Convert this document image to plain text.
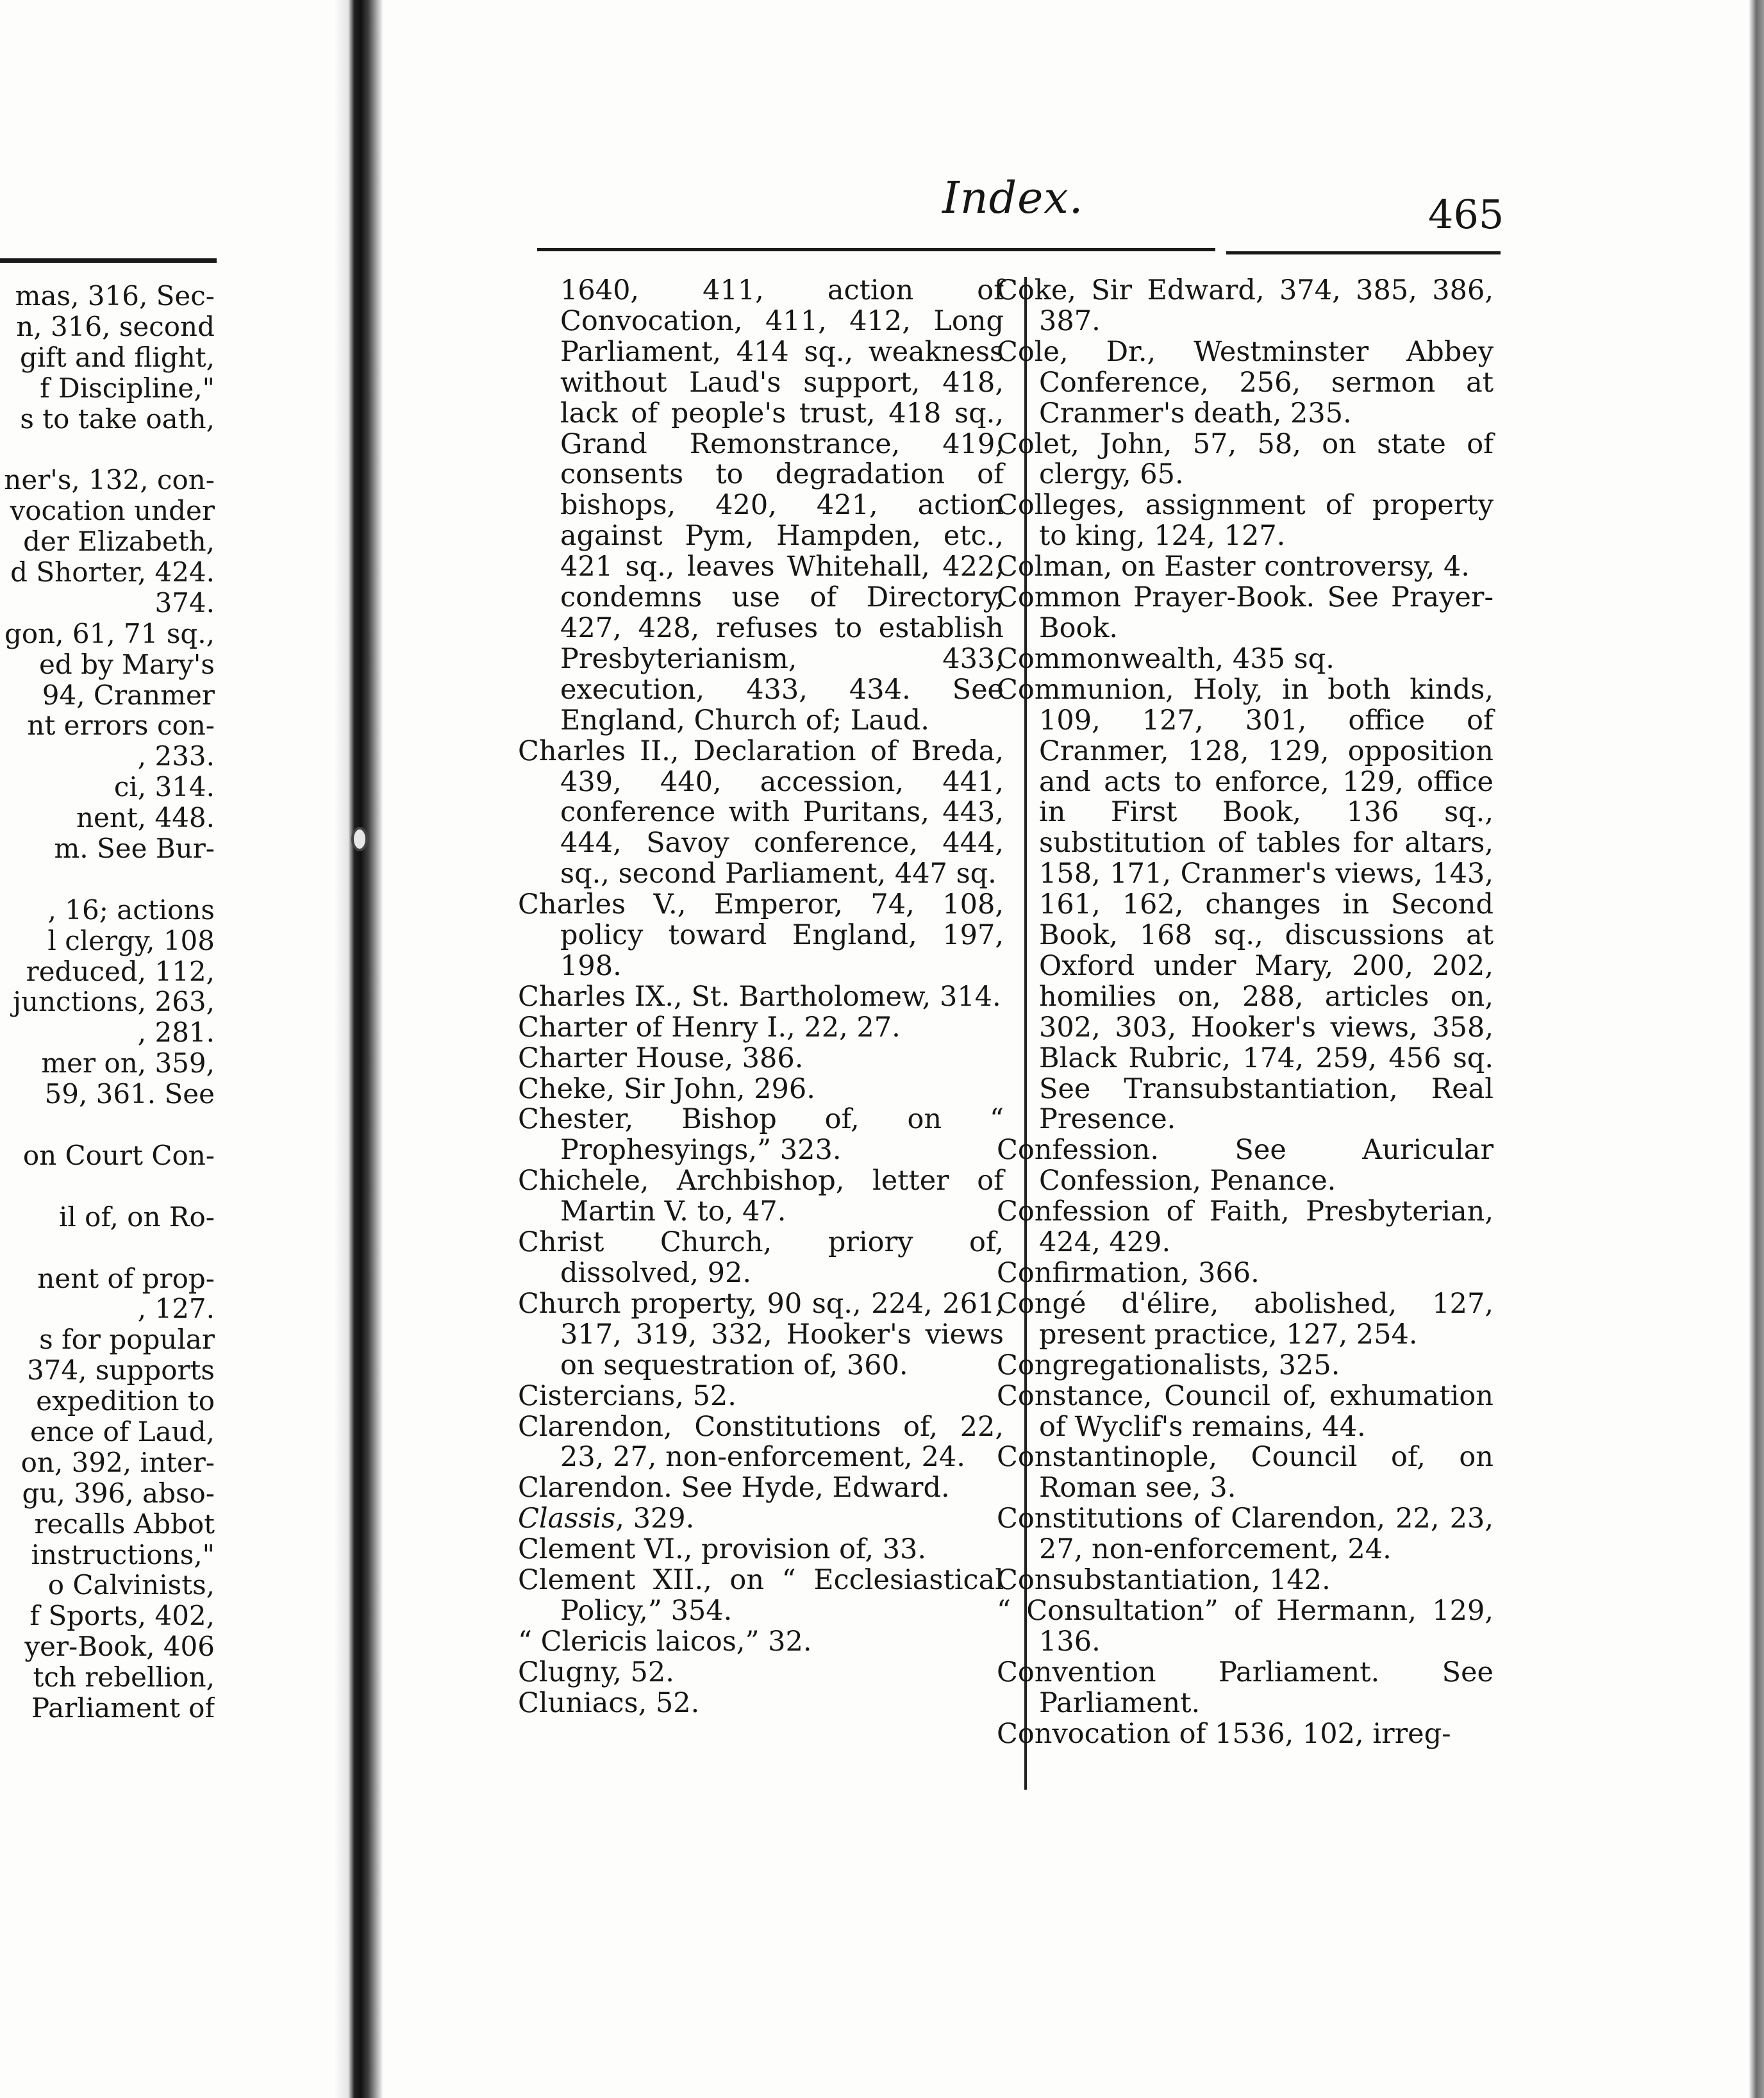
mas, 316, Sec-
n, 316, second
gift and flight,
f Discipline,"
s to take oath,
ner's, 132, con-
vocation under
der Elizabeth,
d Shorter, 424.
374.
gon, 61, 71 sq.,
ed by Mary's
94, Cranmer
nt errors con-
, 233.
ci, 314.
nent, 448.
m. See Bur-
, 16; actions
l clergy, 108
reduced, 112,
junctions, 263,
, 281.
mer on, 359,
59, 361. See
on Court Con-
il of, on Ro-
nent of prop-
, 127.
s for popular
374, supports
expedition to
ence of Laud,
on, 392, inter-
gu, 396, abso-
recalls Abbot
instructions,"
o Calvinists,
f Sports, 402,
yer-Book, 406
tch rebellion,
Parliament of
Index.	465
1640, 411, action of Convocation, 411, 412, Long Parliament, 414 sq., weakness without Laud's support, 418, lack of people's trust, 418 sq., Grand Remonstrance, 419, consents to degradation of bishops, 420, 421, action against Pym, Hampden, etc., 421 sq., leaves Whitehall, 422, condemns use of Directory, 427, 428, refuses to establish Presbyterianism, 433, execution, 433, 434. See England, Church of; Laud.
Charles II., Declaration of Breda, 439, 440, accession, 441, conference with Puritans, 443, 444, Savoy conference, 444, sq., second Parliament, 447 sq.
Charles V., Emperor, 74, 108, policy toward England, 197, 198.
Charles IX., St. Bartholomew, 314.
Charter of Henry I., 22, 27.
Charter House, 386.
Cheke, Sir John, 296.
Chester, Bishop of, on “ Prophesyings,” 323.
Chichele, Archbishop, letter of Martin V. to, 47.
Christ Church, priory of, dissolved, 92.
Church property, 90 sq., 224, 261, 317, 319, 332, Hooker's views on sequestration of, 360.
Cistercians, 52.
Clarendon, Constitutions of, 22, 23, 27, non-enforcement, 24.
Clarendon. See Hyde, Edward.
Classis, 329.
Clement VI., provision of, 33.
Clement XII., on “ Ecclesiastical Policy,” 354.
“ Clericis laicos,” 32.
Clugny, 52.
Cluniacs, 52.
Coke, Sir Edward, 374, 385, 386, 387.
Cole, Dr., Westminster Abbey Conference, 256, sermon at Cranmer's death, 235.
Colet, John, 57, 58, on state of clergy, 65.
Colleges, assignment of property to king, 124, 127.
Colman, on Easter controversy, 4.
Common Prayer-Book. See Prayer-Book.
Commonwealth, 435 sq.
Communion, Holy, in both kinds, 109, 127, 301, office of Cranmer, 128, 129, opposition and acts to enforce, 129, office in First Book, 136 sq., substitution of tables for altars, 158, 171, Cranmer's views, 143, 161, 162, changes in Second Book, 168 sq., discussions at Oxford under Mary, 200, 202, homilies on, 288, articles on, 302, 303, Hooker's views, 358, Black Rubric, 174, 259, 456 sq. See Transubstantiation, Real Presence.
Confession. See Auricular Confession, Penance.
Confession of Faith, Presbyterian, 424, 429.
Confirmation, 366.
Congé d'élire, abolished, 127, present practice, 127, 254.
Congregationalists, 325.
Constance, Council of, exhumation of Wyclif's remains, 44.
Constantinople, Council of, on Roman see, 3.
Constitutions of Clarendon, 22, 23, 27, non-enforcement, 24.
Consubstantiation, 142.
“ Consultation” of Hermann, 129, 136.
Convention Parliament. See Parliament.
Convocation of 1536, 102, irreg-
